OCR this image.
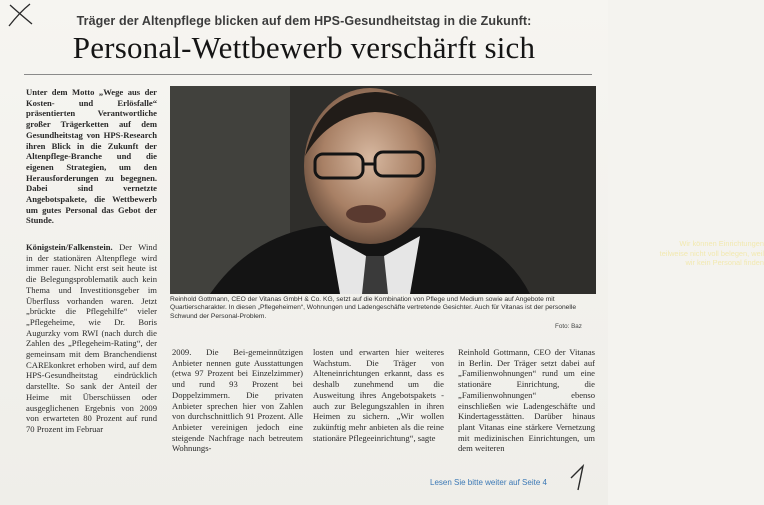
Träger der Altenpflege blicken auf dem HPS-Gesundheitstag in die Zukunft:
Personal-Wettbewerb verschärft sich

Unter dem Motto „Wege aus der Kosten- und Erlösfalle“ präsentierten Verantwortliche großer Trägerketten auf dem Gesundheitstag von HPS-Research ihren Blick in die Zukunft der Altenpflege-Branche und die eigenen Strategien, um den Herausforderungen zu begegnen. Dabei sind vernetzte Angebotspakete, die Wettbewerb um gutes Personal das Gebot der Stunde.

Königstein/Falkenstein. Der Wind in der stationären Altenpflege wird immer rauer. Nicht erst seit heute ist die Belegungsproblematik auch kein Thema und Investitionsgeber im Überfluss vorhanden waren. Jetzt „brückte die Pflegehilfe“ vieler „Pflegeheime, wie Dr. Boris Augurzky vom RWI (nach durch die Zahlen des „Pflegeheim-Rating“, der gemeinsam mit dem Branchendienst CAREkonkret erhoben wird, auf dem HPS-Gesundheitstag eindrücklich darstellte. So sank der Anteil der Heime mit Überschüssen oder ausgeglichenen Ergebnis von 2009 von erwarteten 80 Prozent auf rund 70 Prozent im Februar

Wir können Einrichtungen teilweise nicht voll belegen, weil wir kein Personal finden
Reinhold Gottmann, CEO der Vitanas GmbH & Co. KG, setzt auf die Kombination von Pflege und Medium sowie auf Angebote mit Quartierscharakter. In diesen „Pflegeheimen“, Wohnungen und Ladengeschäfte vertretende Gesichter. Auch für Vitanas ist der personelle Schwund der Personal-Problem.
Foto: Baz

2009. Die Bei-gemeinnützigen Anbieter nennen gute Ausstattungen (etwa 97 Prozent bei Einzelzimmer) und rund 93 Prozent bei Doppelzimmern. Die privaten Anbieter sprechen hier von Zahlen von durchschnittlich 91 Prozent. Alle Anbieter vereinigen jedoch eine steigende Nachfrage nach betreutem Wohnungs-

losten und erwarten hier weiteres Wachstum. Die Träger von Alteneinrichtungen erkannt, dass es deshalb zunehmend um die Ausweitung ihres Angebotspakets - auch zur Belegungszahlen in ihren Heimen zu sichern. „Wir wollen zukünftig mehr anbieten als die reine stationäre Pflegeeinrichtung“, sagte

Reinhold Gottmann, CEO der Vitanas in Berlin. Der Träger setzt dabei auf „Familienwohnungen“ rund um eine stationäre Einrichtung, die „Familienwohnungen“ ebenso einschließen wie Ladengeschäfte und Kindertagesstätten. Darüber hinaus plant Vitanas eine stärkere Vernetzung mit medizinischen Einrichtungen, um dem weiteren

Lesen Sie bitte weiter auf Seite 4
1
